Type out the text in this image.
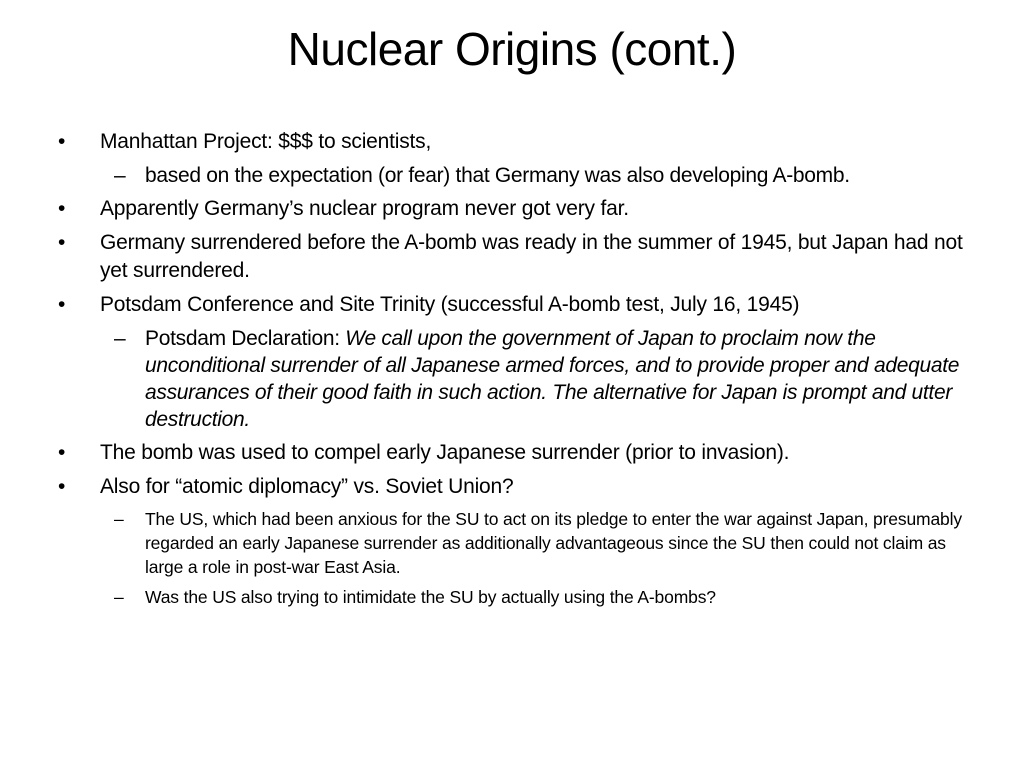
Nuclear Origins (cont.)
•	Manhattan Project: $$$ to scientists,
– based on the expectation (or fear) that Germany was also developing A-bomb.
•	Apparently Germany’s nuclear program never got very far.
•	Germany surrendered before the A-bomb was ready in the summer of 1945, but Japan had not yet surrendered.
•	Potsdam Conference and Site Trinity (successful A-bomb test, July 16, 1945)
– Potsdam Declaration: We call upon the government of Japan to proclaim now the unconditional surrender of all Japanese armed forces, and to provide proper and adequate assurances of their good faith in such action. The alternative for Japan is prompt and utter destruction.
•	The bomb was used to compel early Japanese surrender (prior to invasion).
•	Also for “atomic diplomacy” vs. Soviet Union?
– The US, which had been anxious for the SU to act on its pledge to enter the war against Japan, presumably regarded an early Japanese surrender as additionally advantageous since the SU then could not claim as large a role in post-war East Asia.
– Was the US also trying to intimidate the SU by actually using the A-bombs?
